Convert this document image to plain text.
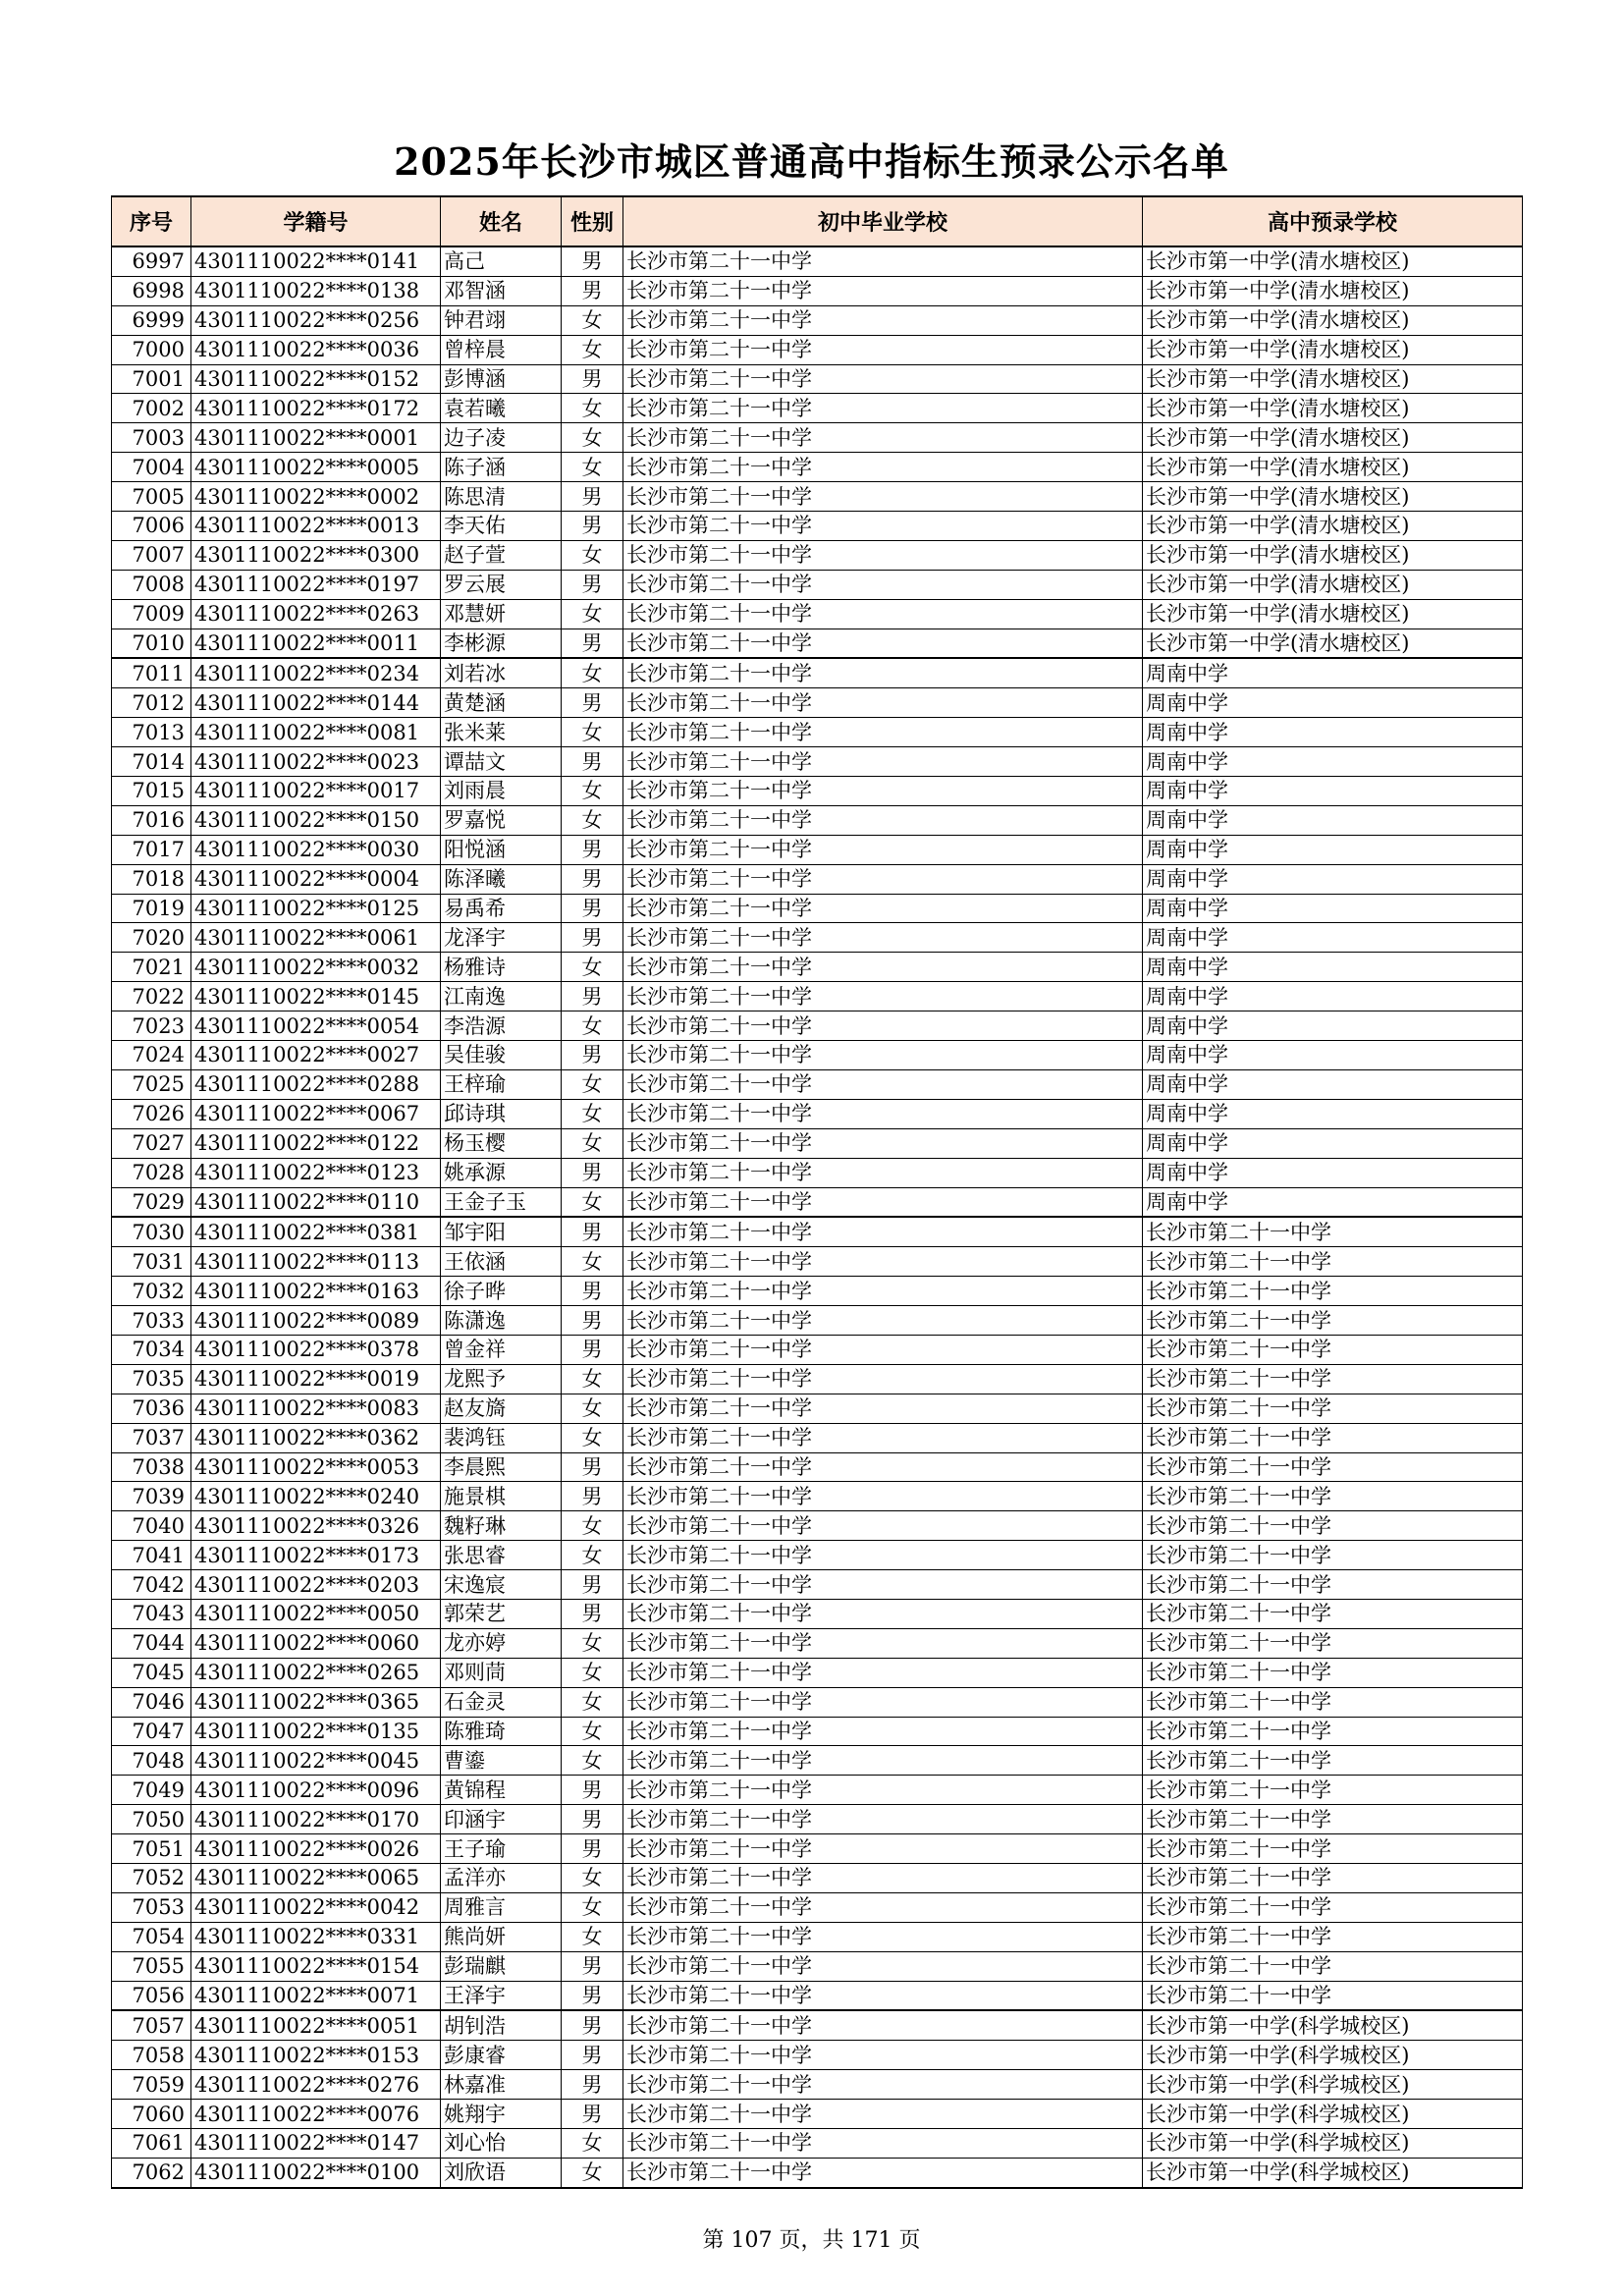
2025年长沙市城区普通高中指标生预录公示名单
序号	学籍号	姓名	性别	初中毕业学校	高中预录学校
6997	4301110022****0141	高己	男	长沙市第二十一中学	长沙市第一中学(清水塘校区)
6998	4301110022****0138	邓智涵	男	长沙市第二十一中学	长沙市第一中学(清水塘校区)
6999	4301110022****0256	钟君翊	女	长沙市第二十一中学	长沙市第一中学(清水塘校区)
7000	4301110022****0036	曾梓晨	女	长沙市第二十一中学	长沙市第一中学(清水塘校区)
7001	4301110022****0152	彭博涵	男	长沙市第二十一中学	长沙市第一中学(清水塘校区)
7002	4301110022****0172	袁若曦	女	长沙市第二十一中学	长沙市第一中学(清水塘校区)
7003	4301110022****0001	边子凌	女	长沙市第二十一中学	长沙市第一中学(清水塘校区)
7004	4301110022****0005	陈子涵	女	长沙市第二十一中学	长沙市第一中学(清水塘校区)
7005	4301110022****0002	陈思清	男	长沙市第二十一中学	长沙市第一中学(清水塘校区)
7006	4301110022****0013	李天佑	男	长沙市第二十一中学	长沙市第一中学(清水塘校区)
7007	4301110022****0300	赵子萱	女	长沙市第二十一中学	长沙市第一中学(清水塘校区)
7008	4301110022****0197	罗云展	男	长沙市第二十一中学	长沙市第一中学(清水塘校区)
7009	4301110022****0263	邓慧妍	女	长沙市第二十一中学	长沙市第一中学(清水塘校区)
7010	4301110022****0011	李彬源	男	长沙市第二十一中学	长沙市第一中学(清水塘校区)
7011	4301110022****0234	刘若冰	女	长沙市第二十一中学	周南中学
7012	4301110022****0144	黄楚涵	男	长沙市第二十一中学	周南中学
7013	4301110022****0081	张米莱	女	长沙市第二十一中学	周南中学
7014	4301110022****0023	谭喆文	男	长沙市第二十一中学	周南中学
7015	4301110022****0017	刘雨晨	女	长沙市第二十一中学	周南中学
7016	4301110022****0150	罗嘉悦	女	长沙市第二十一中学	周南中学
7017	4301110022****0030	阳悦涵	男	长沙市第二十一中学	周南中学
7018	4301110022****0004	陈泽曦	男	长沙市第二十一中学	周南中学
7019	4301110022****0125	易禹希	男	长沙市第二十一中学	周南中学
7020	4301110022****0061	龙泽宇	男	长沙市第二十一中学	周南中学
7021	4301110022****0032	杨雅诗	女	长沙市第二十一中学	周南中学
7022	4301110022****0145	江南逸	男	长沙市第二十一中学	周南中学
7023	4301110022****0054	李浩源	女	长沙市第二十一中学	周南中学
7024	4301110022****0027	吴佳骏	男	长沙市第二十一中学	周南中学
7025	4301110022****0288	王梓瑜	女	长沙市第二十一中学	周南中学
7026	4301110022****0067	邱诗琪	女	长沙市第二十一中学	周南中学
7027	4301110022****0122	杨玉樱	女	长沙市第二十一中学	周南中学
7028	4301110022****0123	姚承源	男	长沙市第二十一中学	周南中学
7029	4301110022****0110	王金子玉	女	长沙市第二十一中学	周南中学
7030	4301110022****0381	邹宇阳	男	长沙市第二十一中学	长沙市第二十一中学
7031	4301110022****0113	王依涵	女	长沙市第二十一中学	长沙市第二十一中学
7032	4301110022****0163	徐子晔	男	长沙市第二十一中学	长沙市第二十一中学
7033	4301110022****0089	陈潇逸	男	长沙市第二十一中学	长沙市第二十一中学
7034	4301110022****0378	曾金祥	男	长沙市第二十一中学	长沙市第二十一中学
7035	4301110022****0019	龙熙予	女	长沙市第二十一中学	长沙市第二十一中学
7036	4301110022****0083	赵友旖	女	长沙市第二十一中学	长沙市第二十一中学
7037	4301110022****0362	裴鸿钰	女	长沙市第二十一中学	长沙市第二十一中学
7038	4301110022****0053	李晨熙	男	长沙市第二十一中学	长沙市第二十一中学
7039	4301110022****0240	施景棋	男	长沙市第二十一中学	长沙市第二十一中学
7040	4301110022****0326	魏籽琳	女	长沙市第二十一中学	长沙市第二十一中学
7041	4301110022****0173	张思睿	女	长沙市第二十一中学	长沙市第二十一中学
7042	4301110022****0203	宋逸宸	男	长沙市第二十一中学	长沙市第二十一中学
7043	4301110022****0050	郭荣艺	男	长沙市第二十一中学	长沙市第二十一中学
7044	4301110022****0060	龙亦婷	女	长沙市第二十一中学	长沙市第二十一中学
7045	4301110022****0265	邓则茼	女	长沙市第二十一中学	长沙市第二十一中学
7046	4301110022****0365	石金灵	女	长沙市第二十一中学	长沙市第二十一中学
7047	4301110022****0135	陈雅琦	女	长沙市第二十一中学	长沙市第二十一中学
7048	4301110022****0045	曹鎏	女	长沙市第二十一中学	长沙市第二十一中学
7049	4301110022****0096	黄锦程	男	长沙市第二十一中学	长沙市第二十一中学
7050	4301110022****0170	印涵宇	男	长沙市第二十一中学	长沙市第二十一中学
7051	4301110022****0026	王子瑜	男	长沙市第二十一中学	长沙市第二十一中学
7052	4301110022****0065	孟洋亦	女	长沙市第二十一中学	长沙市第二十一中学
7053	4301110022****0042	周雅言	女	长沙市第二十一中学	长沙市第二十一中学
7054	4301110022****0331	熊尚妍	女	长沙市第二十一中学	长沙市第二十一中学
7055	4301110022****0154	彭瑞麒	男	长沙市第二十一中学	长沙市第二十一中学
7056	4301110022****0071	王泽宇	男	长沙市第二十一中学	长沙市第二十一中学
7057	4301110022****0051	胡钊浩	男	长沙市第二十一中学	长沙市第一中学(科学城校区)
7058	4301110022****0153	彭康睿	男	长沙市第二十一中学	长沙市第一中学(科学城校区)
7059	4301110022****0276	林嘉准	男	长沙市第二十一中学	长沙市第一中学(科学城校区)
7060	4301110022****0076	姚翔宇	男	长沙市第二十一中学	长沙市第一中学(科学城校区)
7061	4301110022****0147	刘心怡	女	长沙市第二十一中学	长沙市第一中学(科学城校区)
7062	4301110022****0100	刘欣语	女	长沙市第二十一中学	长沙市第一中学(科学城校区)
第 107 页，共 171 页
